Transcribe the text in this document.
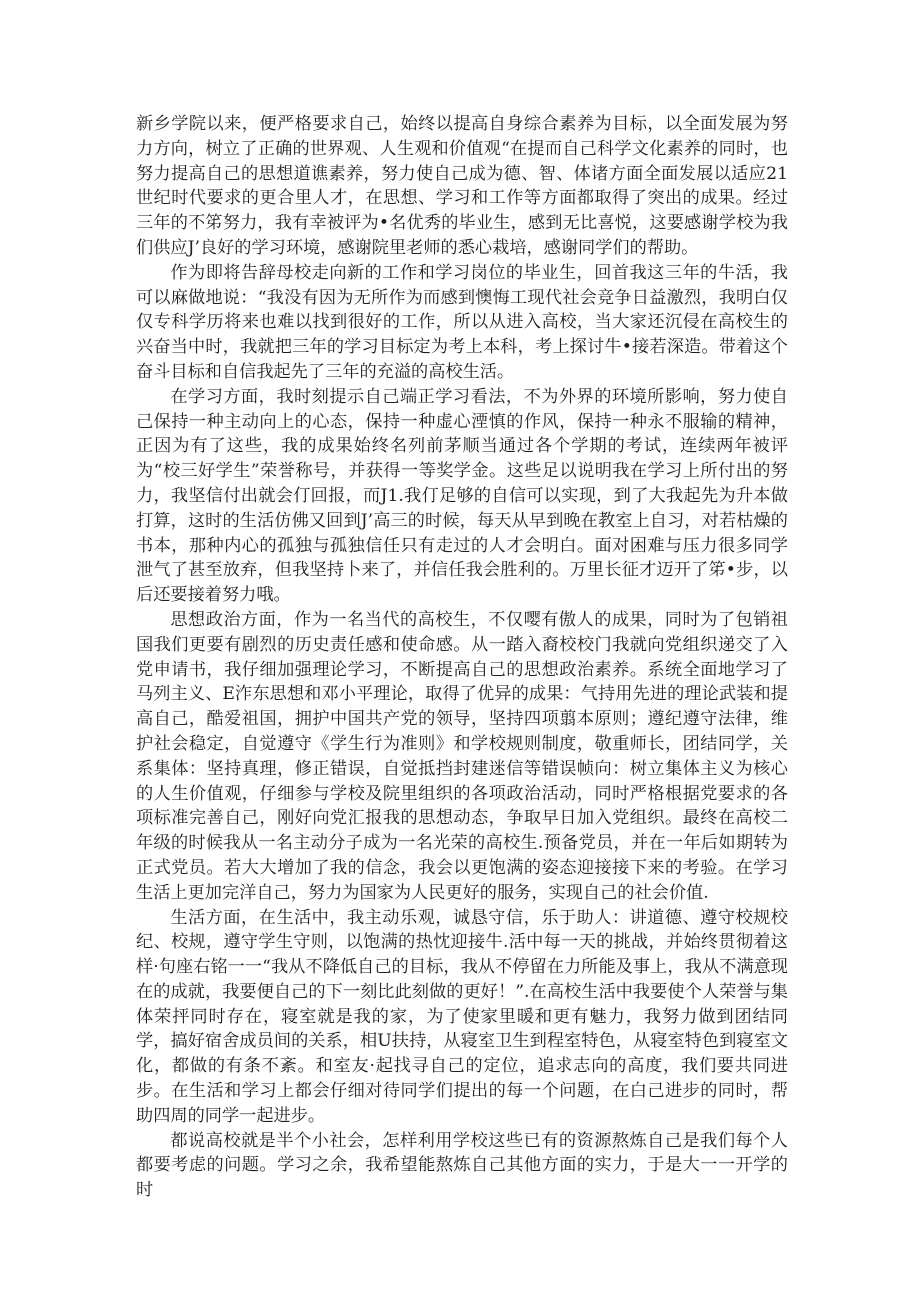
新乡学院以来，便严格要求自己，始终以提高自身综合素养为目标，以全面发展为努力方向，树立了正确的世界观、人生观和价值观“在提而自己科学文化素养的同时，也努力提高自己的思想道谯素养，努力使自己成为德、智、体诸方面全面发展以适应21世纪时代要求的更合里人才，在思想、学习和工作等方面都取得了突出的成果。经过三年的不笫努力，我有幸被评为•名优秀的毕业生，感到无比喜悦，这要感谢学校为我们供应J’良好的学习环境，感谢院里老师的悉心栽培，感谢同学们的帮助。

作为即将告辞母校走向新的工作和学习岗位的毕业生，回首我这三年的牛活，我可以麻做地说：“我没有因为无所作为而感到懊悔工现代社会竞争日益激烈，我明白仅仅专科学历将来也难以找到很好的工作，所以从进入高校，当大家还沉侵在高校生的兴奋当中时，我就把三年的学习目标定为考上本科，考上探讨牛•接若深造。带着这个奋斗目标和自信我起先了三年的充溢的高校生活。

在学习方面，我时刻提示自己端正学习看法，不为外界的环境所影响，努力使自己保持一种主动向上的心态，保持一种虚心湮慎的作风，保持一种永不服输的精神，正因为有了这些，我的成果始终名列前茅顺当通过各个学期的考试，连续两年被评为“校三好学生”荣誉称号，并获得一等奖学金。这些足以说明我在学习上所付出的努力，我坚信付出就会仃回报，而J1.我仃足够的自信可以实现，到了大我起先为升本做打算，这时的生活仿佛又回到J’高三的时候，每天从早到晚在教室上自习，对若枯燥的书本，那种内心的孤独与孤独信任只有走过的人才会明白。面对困难与压力很多同学泄气了甚至放弃，但我坚持卜来了，并信任我会胜利的。万里长征才迈开了笫•步，以后还要接着努力哦。

思想政治方面，作为一名当代的高校生，不仅嘤有傲人的成果，同时为了包销祖国我们更要有剧烈的历史责任感和使命感。从一踏入裔校校门我就向党组织递交了入党申请书，我仔细加强理论学习，不断提高自己的思想政治素养。系统全面地学习了马列主义、E泎东思想和邓小平理论，取得了优异的成果：气持用先进的理论武装和提高自己，酷爱祖国，拥护中国共产党的领导，坚持四项翦本原则；遵纪遵守法律，维护社会稳定，自觉遵守《学生行为准则》和学校规则制度，敬重师长，团结同学，关系集体：坚持真理，修正错误，自觉抵挡封建迷信等错误帧向：树立集体主义为核心的人生价值观，仔细参与学校及院里组织的各项政治活动，同时严格根据党要求的各项标准完善自己，刚好向党汇报我的思想动态，争取早日加入党组织。最终在高校二年级的时候我从一名主动分子成为一名光荣的高校生.预备党员，并在一年后如期转为正式党员。若大大增加了我的信念，我会以更饱满的姿态迎接接下来的考验。在学习生活上更加完洋自己，努力为国家为人民更好的服务，实现自己的社会价值.

生活方面，在生活中，我主动乐观，诚恳守信，乐于助人：讲道德、遵守校规校纪、校规，遵守学生守则，以饱满的热忱迎接牛.活中每一天的挑战，并始终贯彻着这样·句座右铭一一“我从不降低自己的目标，我从不停留在力所能及事上，我从不满意现在的成就，我要便自己的下一刻比此刻做的更好！”.在高校生活中我要使个人荣誉与集体荣抨同时存在，寝室就是我的家，为了使家里暖和更有魅力，我努力做到团结同学，搞好宿舍成员间的关系，相U扶持，从寝室卫生到程室特色，从寝室特色到寝室文化，都做的有条不紊。和室友·起找寻自己的定位，追求志向的高度，我们要共同进步。在生活和学习上都会仔细对待同学们提出的每一个问题，在白己进步的同时，帮助四周的同学一起进步。

都说高校就是半个小社会，怎样利用学校这些已有的资源熬炼自己是我们每个人都要考虑的问题。学习之余，我希望能熬炼自己其他方面的实力，于是大一一开学的时
